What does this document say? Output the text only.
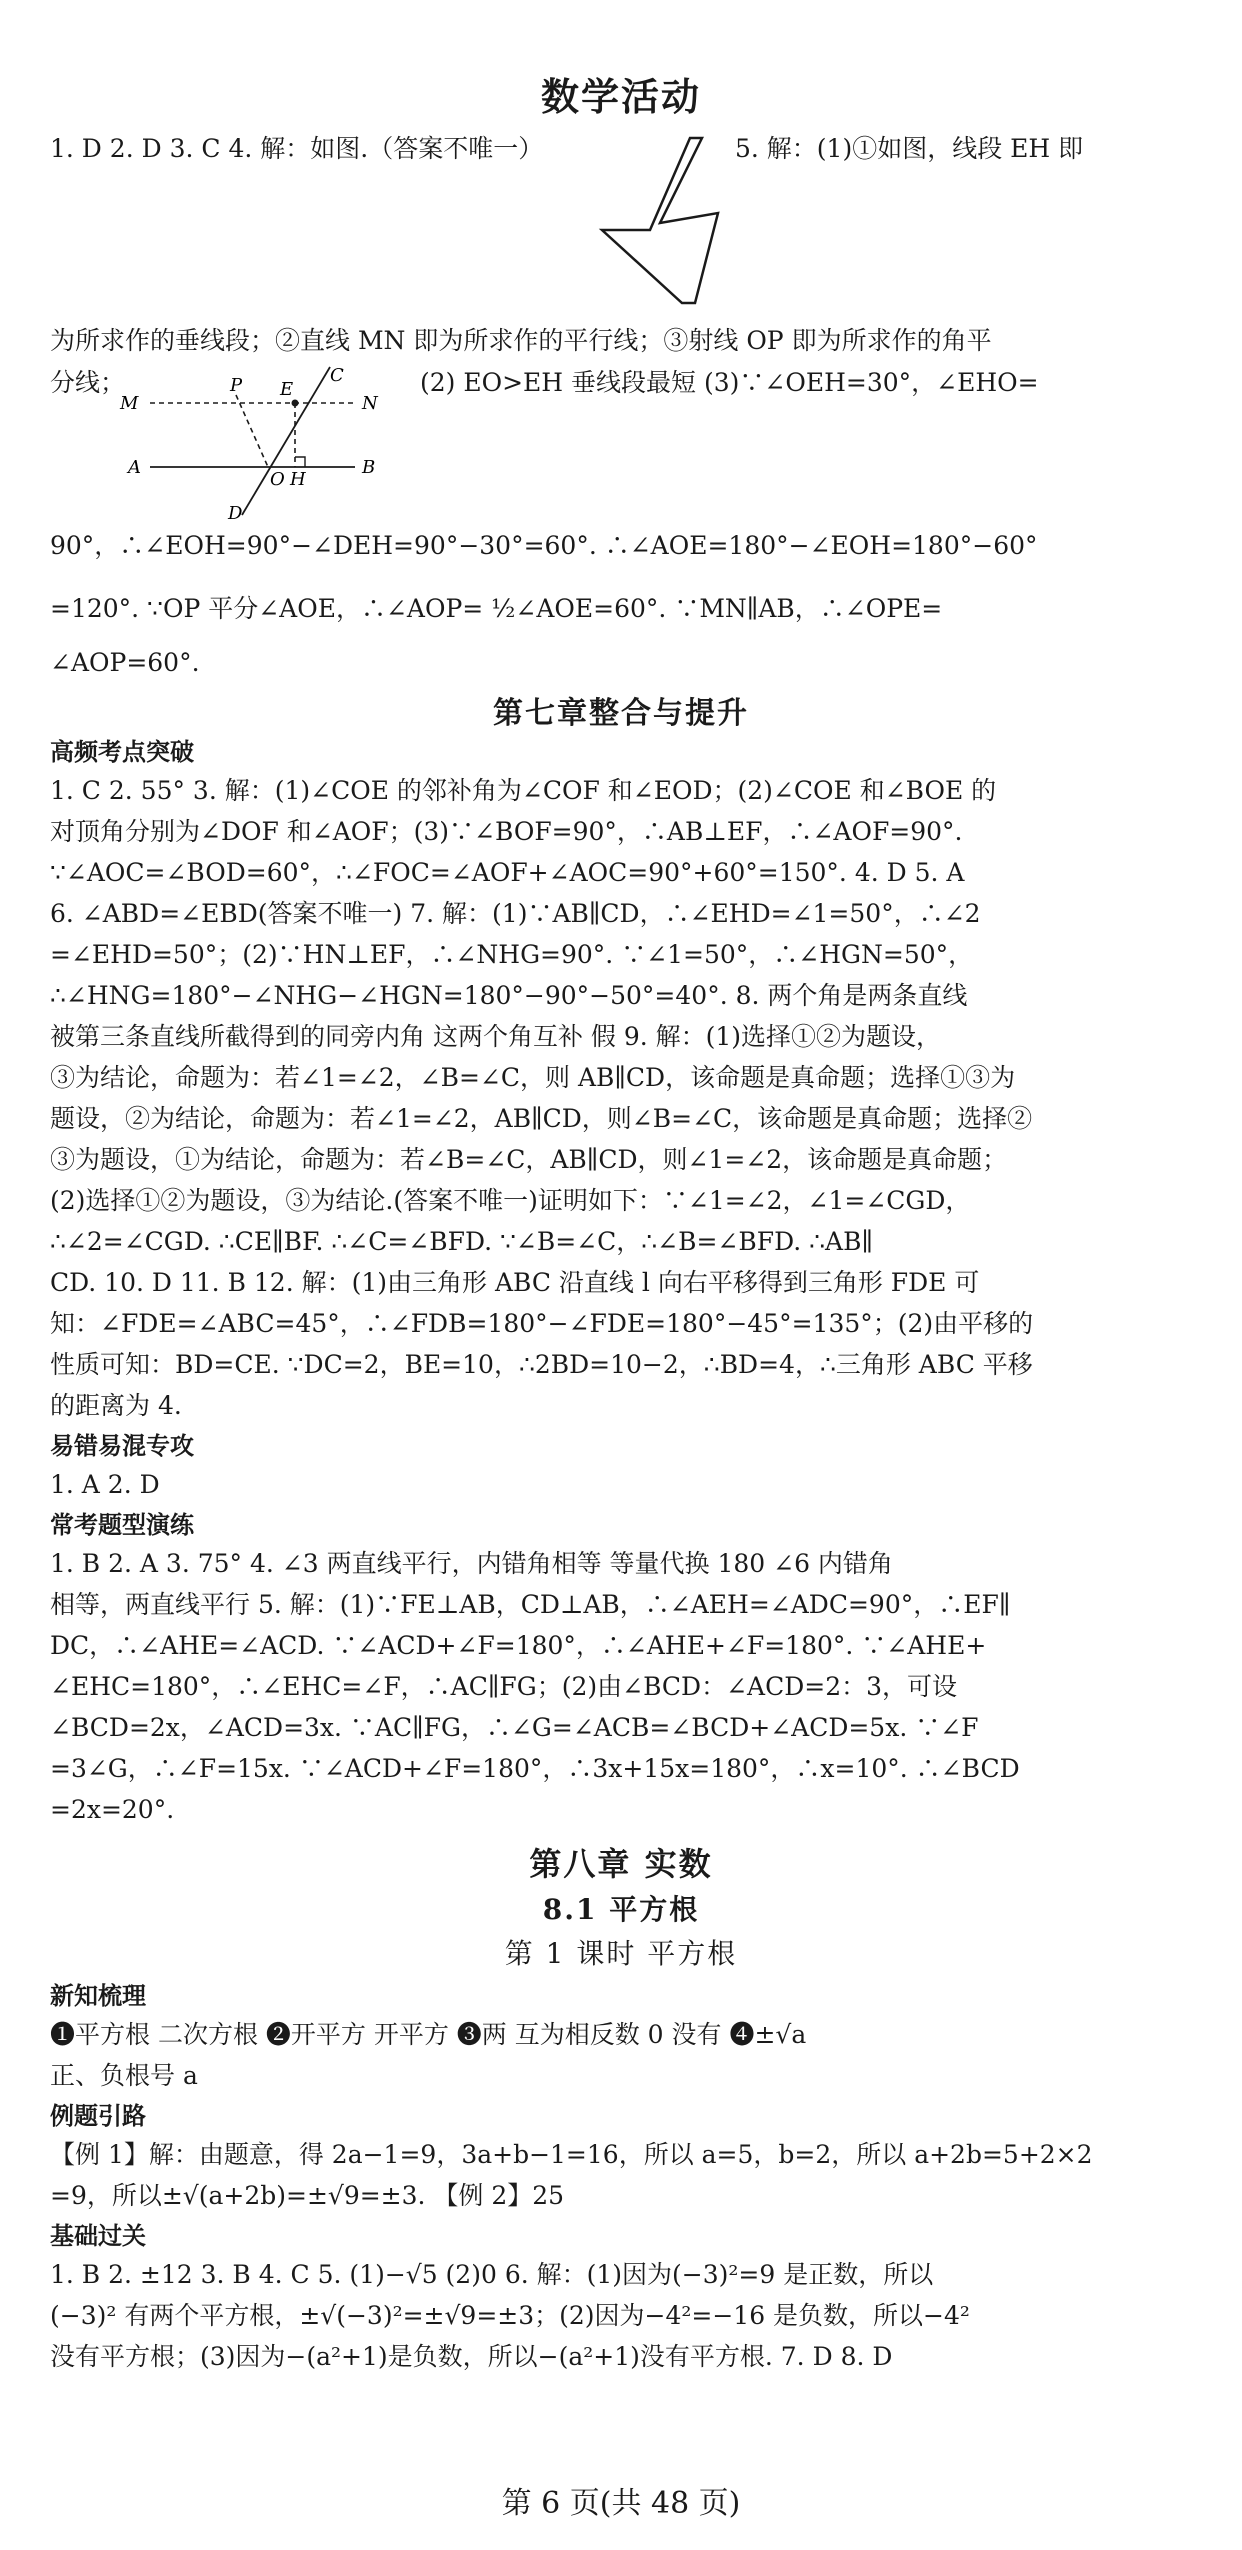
数学活动

1. D 2. D 3. C 4. 解：如图.（答案不唯一）	5. 解：(1)①如图，线段 EH 即

为所求作的垂线段；②直线 MN 即为所求作的平行线；③射线 OP 即为所求作的角平

分线；	(2) EO>EH 垂线段最短 (3)∵∠OEH=30°，∠EHO=

C
M
P E
N
A
O H
B
D

90°，∴∠EOH=90°−∠DEH=90°−30°=60°. ∴∠AOE=180°−∠EOH=180°−60°

=120°. ∵OP 平分∠AOE，∴∠AOP= ½∠AOE=60°. ∵MN∥AB，∴∠OPE=

∠AOP=60°.

第七章整合与提升

高频考点突破

1. C 2. 55° 3. 解：(1)∠COE 的邻补角为∠COF 和∠EOD；(2)∠COE 和∠BOE 的

对顶角分别为∠DOF 和∠AOF；(3)∵∠BOF=90°，∴AB⊥EF，∴∠AOF=90°.

∵∠AOC=∠BOD=60°，∴∠FOC=∠AOF+∠AOC=90°+60°=150°. 4. D 5. A

6. ∠ABD=∠EBD(答案不唯一) 7. 解：(1)∵AB∥CD，∴∠EHD=∠1=50°，∴∠2

=∠EHD=50°；(2)∵HN⊥EF，∴∠NHG=90°. ∵∠1=50°，∴∠HGN=50°，

∴∠HNG=180°−∠NHG−∠HGN=180°−90°−50°=40°. 8. 两个角是两条直线

被第三条直线所截得到的同旁内角 这两个角互补 假 9. 解：(1)选择①②为题设，

③为结论，命题为：若∠1=∠2，∠B=∠C，则 AB∥CD，该命题是真命题；选择①③为

题设，②为结论，命题为：若∠1=∠2，AB∥CD，则∠B=∠C，该命题是真命题；选择②

③为题设，①为结论，命题为：若∠B=∠C，AB∥CD，则∠1=∠2，该命题是真命题；

(2)选择①②为题设，③为结论.(答案不唯一)证明如下：∵∠1=∠2，∠1=∠CGD，

∴∠2=∠CGD. ∴CE∥BF. ∴∠C=∠BFD. ∵∠B=∠C，∴∠B=∠BFD. ∴AB∥

CD. 10. D 11. B 12. 解：(1)由三角形 ABC 沿直线 l 向右平移得到三角形 FDE 可

知：∠FDE=∠ABC=45°，∴∠FDB=180°−∠FDE=180°−45°=135°；(2)由平移的

性质可知：BD=CE. ∵DC=2，BE=10，∴2BD=10−2，∴BD=4，∴三角形 ABC 平移

的距离为 4.

易错易混专攻

1. A 2. D

常考题型演练

1. B 2. A 3. 75° 4. ∠3 两直线平行，内错角相等 等量代换 180 ∠6 内错角

相等，两直线平行 5. 解：(1)∵FE⊥AB，CD⊥AB，∴∠AEH=∠ADC=90°，∴EF∥

DC，∴∠AHE=∠ACD. ∵∠ACD+∠F=180°，∴∠AHE+∠F=180°. ∵∠AHE+

∠EHC=180°，∴∠EHC=∠F，∴AC∥FG；(2)由∠BCD：∠ACD=2：3，可设

∠BCD=2x，∠ACD=3x. ∵AC∥FG，∴∠G=∠ACB=∠BCD+∠ACD=5x. ∵∠F

=3∠G，∴∠F=15x. ∵∠ACD+∠F=180°，∴3x+15x=180°，∴x=10°. ∴∠BCD

=2x=20°.

第八章 实数

8.1 平方根

第 1 课时 平方根

新知梳理

❶平方根 二次方根 ❷开平方 开平方 ❸两 互为相反数 0 没有 ❹±√a

正、负根号 a

例题引路

【例 1】解：由题意，得 2a−1=9，3a+b−1=16，所以 a=5，b=2，所以 a+2b=5+2×2

=9，所以±√(a+2b)=±√9=±3. 【例 2】25

基础过关

1. B 2. ±12 3. B 4. C 5. (1)−√5 (2)0 6. 解：(1)因为(−3)²=9 是正数，所以

(−3)² 有两个平方根，±√(−3)²=±√9=±3；(2)因为−4²=−16 是负数，所以−4²

没有平方根；(3)因为−(a²+1)是负数，所以−(a²+1)没有平方根. 7. D 8. D

第 6 页(共 48 页)
